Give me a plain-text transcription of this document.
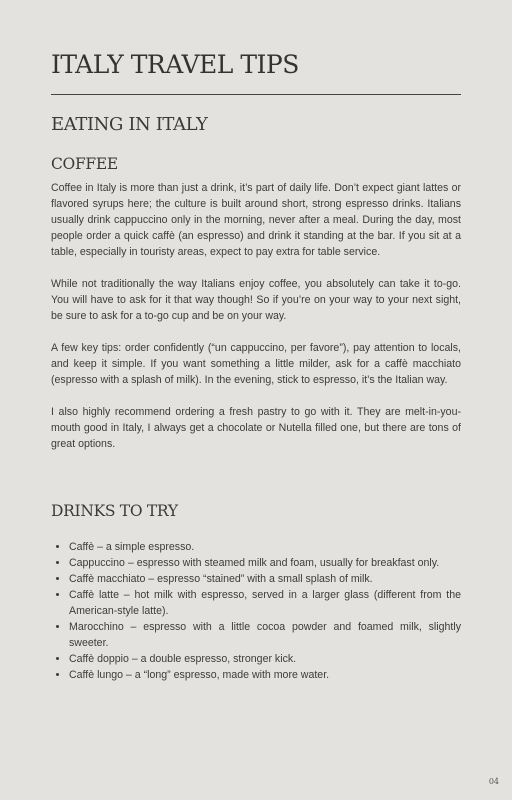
ITALY TRAVEL TIPS
EATING IN ITALY
COFFEE

Coffee in Italy is more than just a drink, it’s part of daily life. Don’t expect giant lattes or flavored syrups here; the culture is built around short, strong espresso drinks. Italians usually drink cappuccino only in the morning, never after a meal. During the day, most people order a quick caffè (an espresso) and drink it standing at the bar. If you sit at a table, especially in touristy areas, expect to pay extra for table service.

While not traditionally the way Italians enjoy coffee, you absolutely can take it to-go. You will have to ask for it that way though! So if you’re on your way to your next sight, be sure to ask for a to-go cup and be on your way.

A few key tips: order confidently (“un cappuccino, per favore”), pay attention to locals, and keep it simple. If you want something a little milder, ask for a caffè macchiato (espresso with a splash of milk). In the evening, stick to espresso, it’s the Italian way.

I also highly recommend ordering a fresh pastry to go with it. They are melt-in-you-mouth good in Italy, I always get a chocolate or Nutella filled one, but there are tons of great options.

DRINKS TO TRY
• Caffè – a simple espresso.
• Cappuccino – espresso with steamed milk and foam, usually for breakfast only.
• Caffè macchiato – espresso “stained” with a small splash of milk.
• Caffè latte – hot milk with espresso, served in a larger glass (different from the American-style latte).
• Marocchino – espresso with a little cocoa powder and foamed milk, slightly sweeter.
• Caffè doppio – a double espresso, stronger kick.
• Caffè lungo – a “long” espresso, made with more water.
04
